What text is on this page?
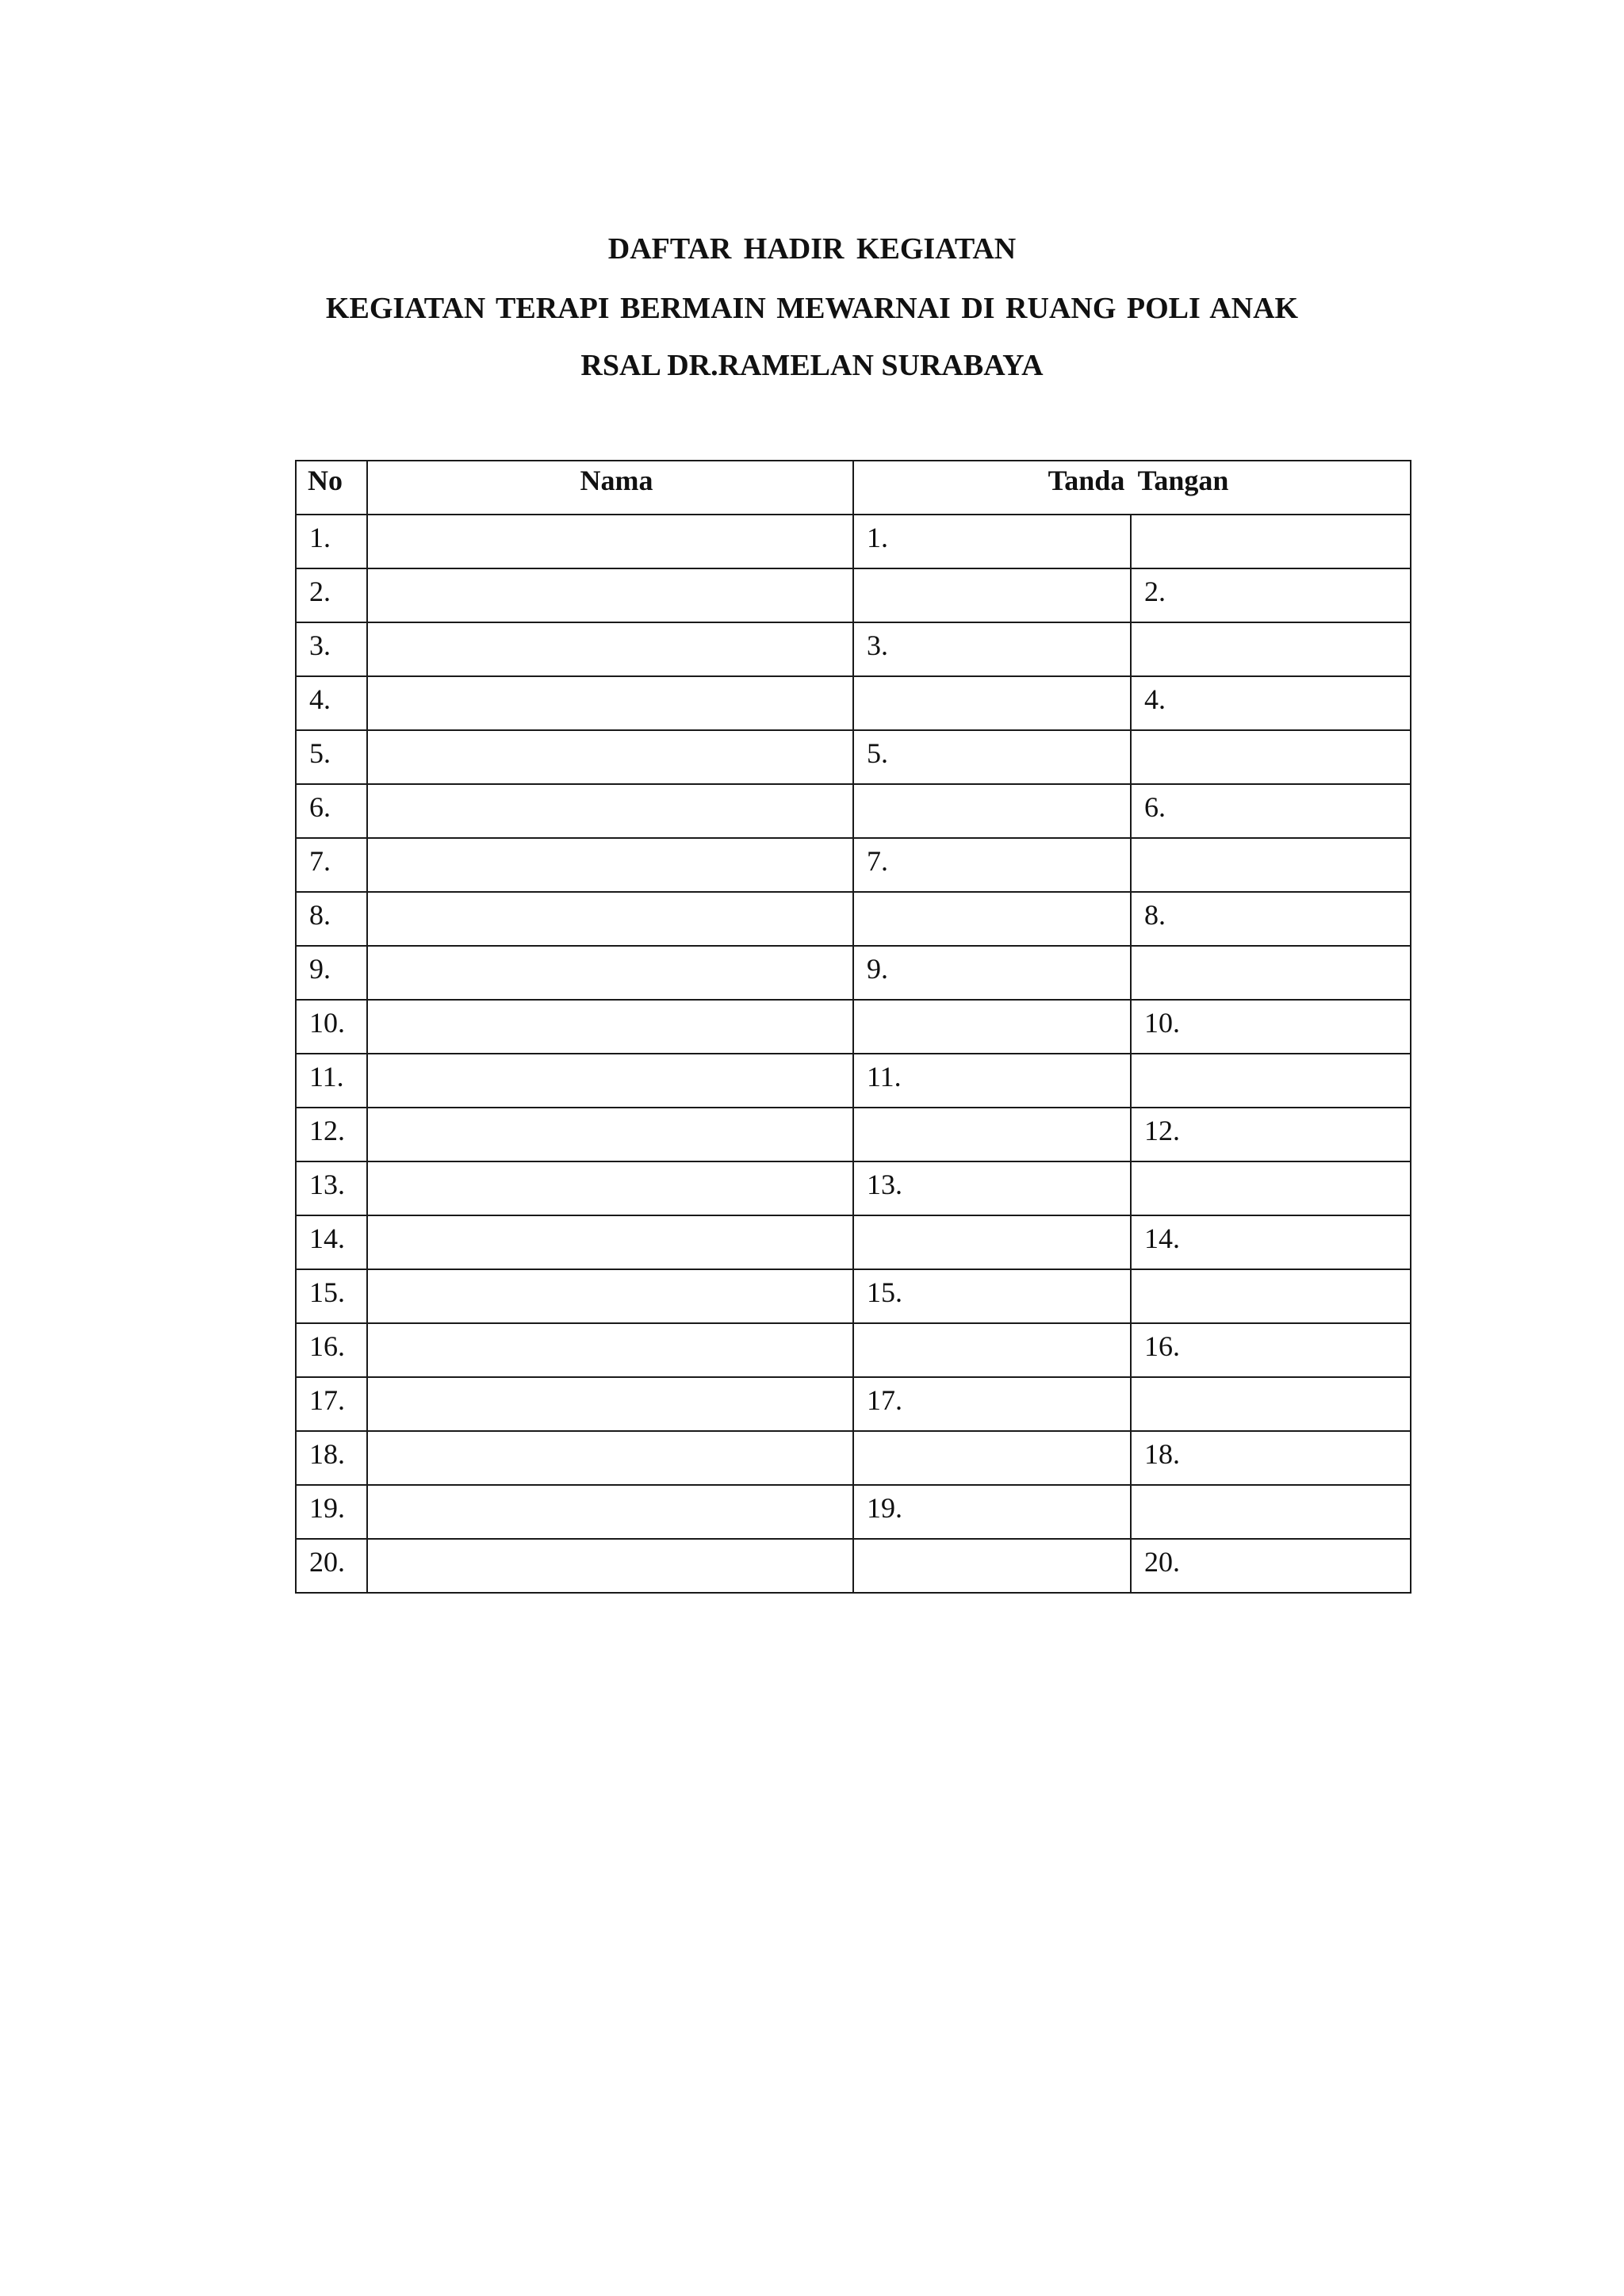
DAFTAR HADIR KEGIATAN
KEGIATAN TERAPI BERMAIN MEWARNAI DI RUANG POLI ANAK
RSAL DR.RAMELAN SURABAYA
No	Nama	Tanda Tangan	
1.		1.	
2.			2.
3.		3.	
4.			4.
5.		5.	
6.			6.
7.		7.	
8.			8.
9.		9.	
10.			10.
11.		11.	
12.			12.
13.		13.	
14.			14.
15.		15.	
16.			16.
17.		17.	
18.			18.
19.		19.	
20.			20.
